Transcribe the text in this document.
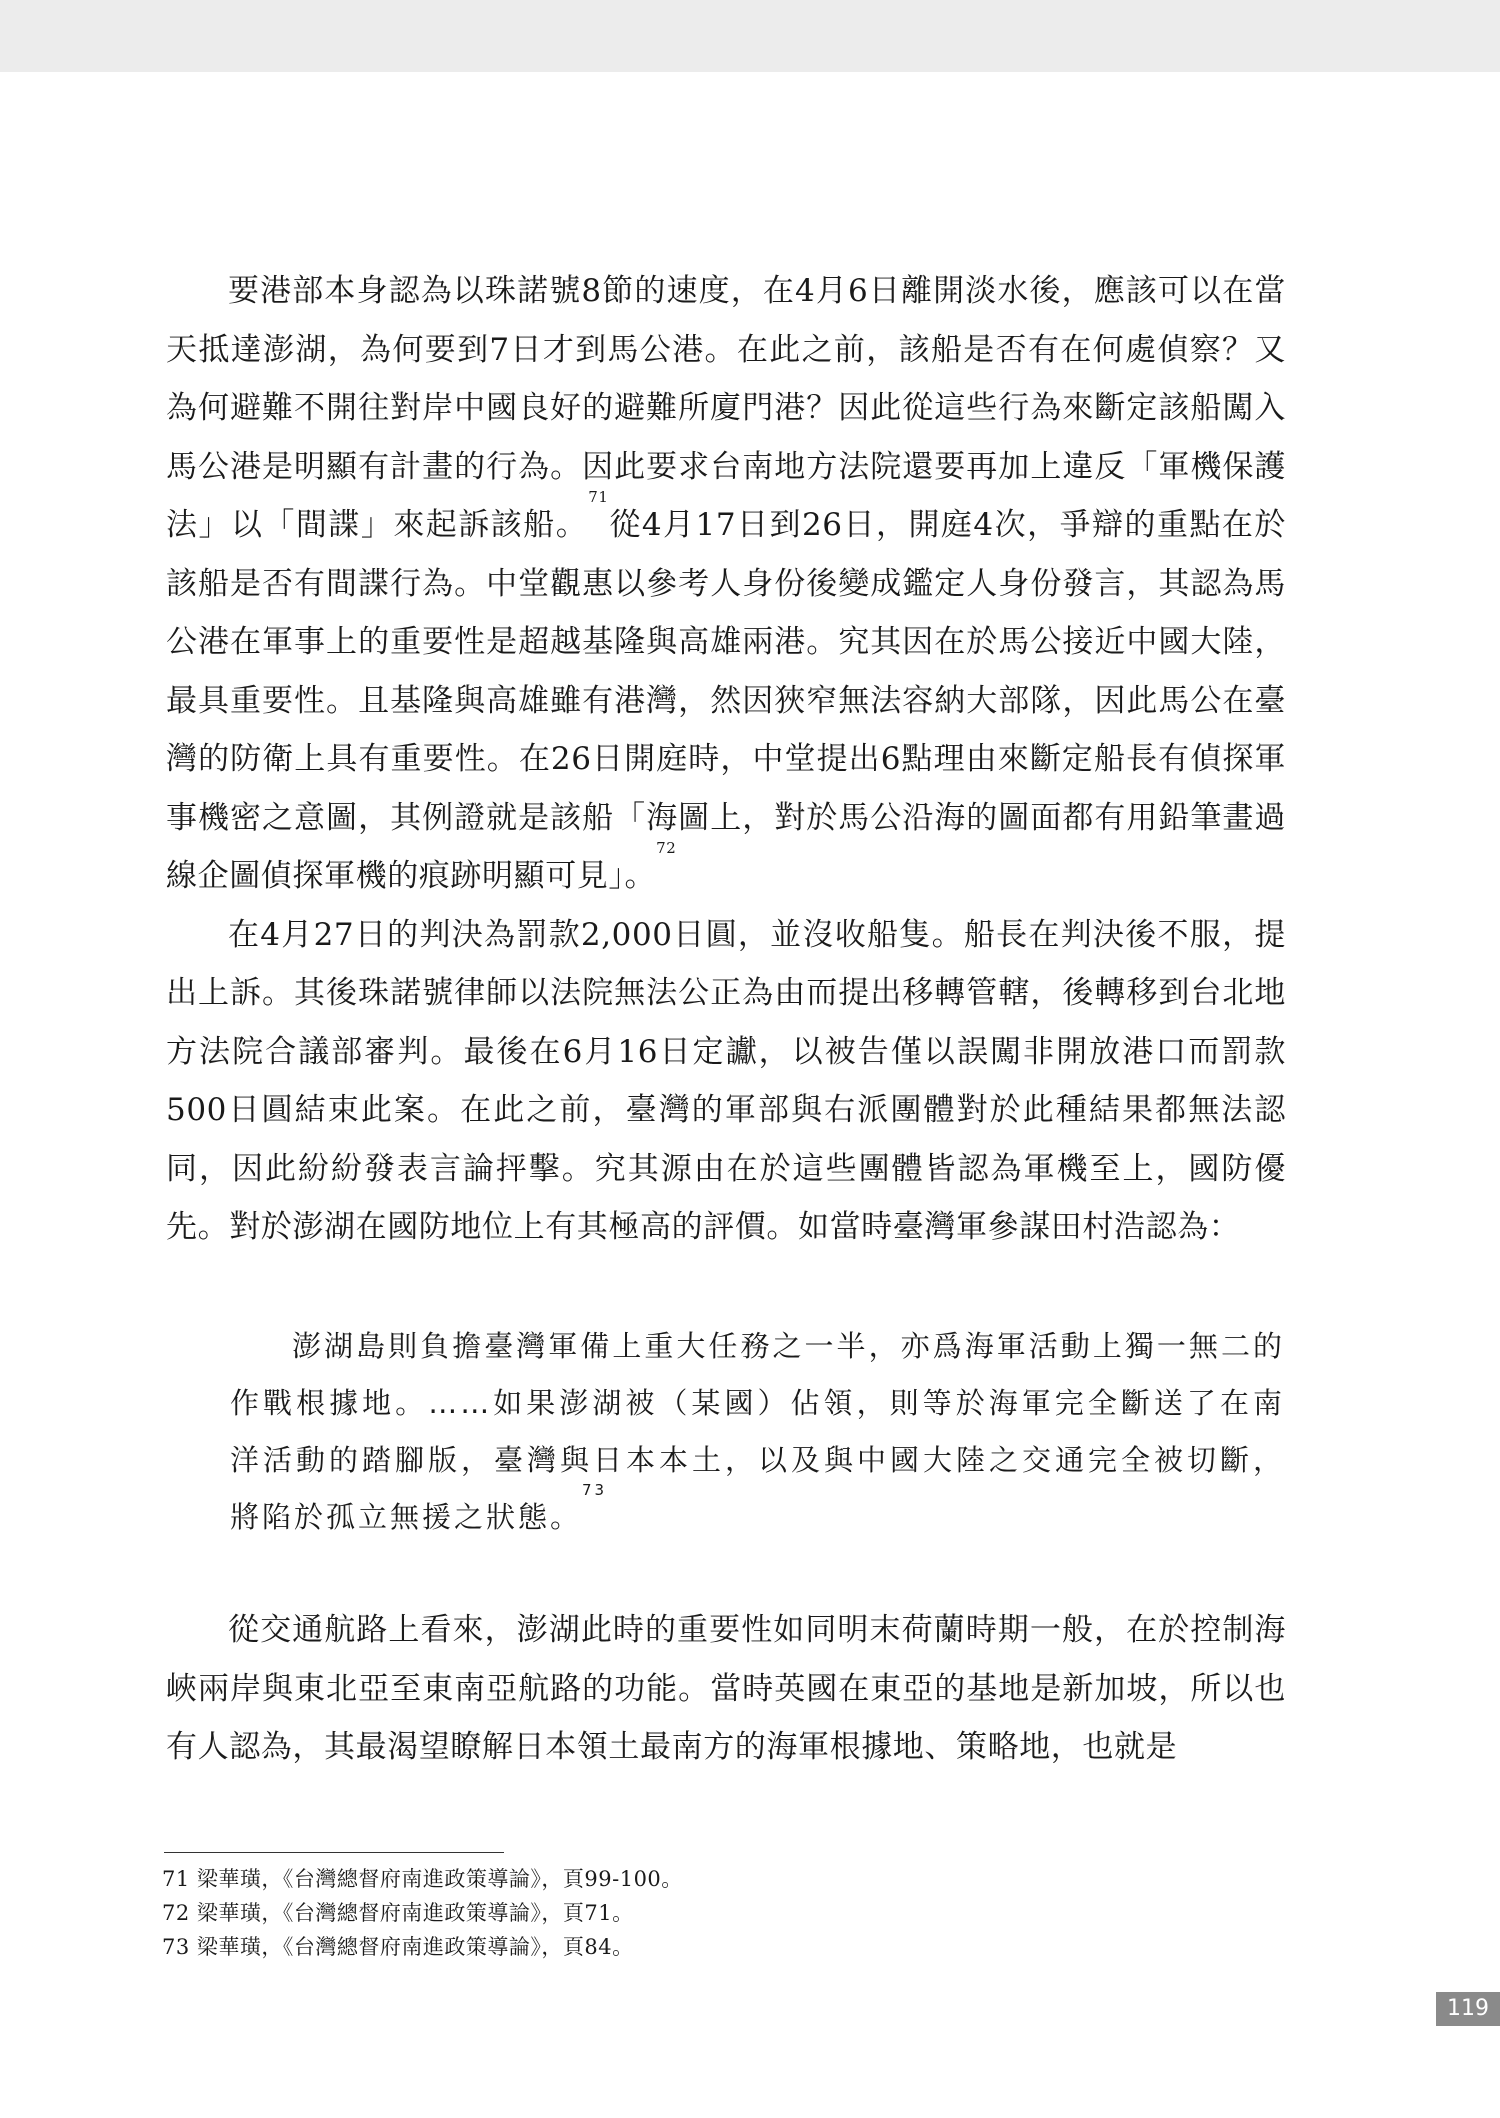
要港部本身認為以珠諾號8節的速度，在4月6日離開淡水後，應該可以在當天抵達澎湖，為何要到7日才到馬公港。在此之前，該船是否有在何處偵察？又為何避難不開往對岸中國良好的避難所廈門港？因此從這些行為來斷定該船闖入馬公港是明顯有計畫的行為。因此要求台南地方法院還要再加上違反「軍機保護法」以「間諜」來起訴該船。$^{71}$從4月17日到26日，開庭4次，爭辯的重點在於該船是否有間諜行為。中堂觀惠以參考人身份後變成鑑定人身份發言，其認為馬公港在軍事上的重要性是超越基隆與高雄兩港。究其因在於馬公接近中國大陸，最具重要性。且基隆與高雄雖有港灣，然因狹窄無法容納大部隊，因此馬公在臺灣的防衛上具有重要性。在26日開庭時，中堂提出6點理由來斷定船長有偵探軍事機密之意圖，其例證就是該船「海圖上，對於馬公沿海的圖面都有用鉛筆畫過線企圖偵探軍機的痕跡明顯可見」。$^{72}$

在4月27日的判決為罰款2,000日圓，並沒收船隻。船長在判決後不服，提出上訴。其後珠諾號律師以法院無法公正為由而提出移轉管轄，後轉移到台北地方法院合議部審判。最後在6月16日定讞，以被告僅以誤闖非開放港口而罰款500日圓結束此案。在此之前，臺灣的軍部與右派團體對於此種結果都無法認同，因此紛紛發表言論抨擊。究其源由在於這些團體皆認為軍機至上，國防優先。對於澎湖在國防地位上有其極高的評價。如當時臺灣軍參謀田村浩認為：

澎湖島則負擔臺灣軍備上重大任務之一半，亦爲海軍活動上獨一無二的作戰根據地。……如果澎湖被（某國）佔領，則等於海軍完全斷送了在南洋活動的踏腳版，臺灣與日本本土，以及與中國大陸之交通完全被切斷，將陷於孤立無援之狀態。$^{73}$

從交通航路上看來，澎湖此時的重要性如同明末荷蘭時期一般，在於控制海峽兩岸與東北亞至東南亞航路的功能。當時英國在東亞的基地是新加坡，所以也有人認為，其最渴望瞭解日本領土最南方的海軍根據地、策略地，也就是

71 梁華璜，《台灣總督府南進政策導論》，頁99-100。

72 梁華璜，《台灣總督府南進政策導論》，頁71。

73 梁華璜，《台灣總督府南進政策導論》，頁84。

119
